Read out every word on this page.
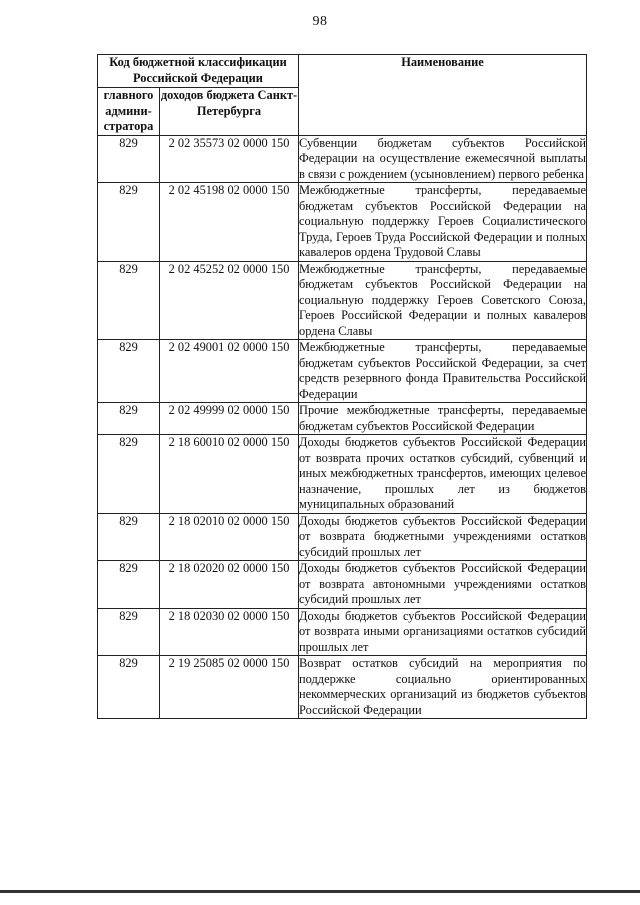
98
Код бюджетной классификации Российской Федерации		Наименование
главного админи- стратора	доходов бюджета Санкт-Петербурга	
829	2 02 35573 02 0000 150	Субвенции бюджетам субъектов Российской Федерации на осуществление ежемесячной выплаты в связи с рождением (усыновлением) первого ребенка
829	2 02 45198 02 0000 150	Межбюджетные трансферты, передаваемые бюджетам субъектов Российской Федерации на социальную поддержку Героев Социалистического Труда, Героев Труда Российской Федерации и полных кавалеров ордена Трудовой Славы
829	2 02 45252 02 0000 150	Межбюджетные трансферты, передаваемые бюджетам субъектов Российской Федерации на социальную поддержку Героев Советского Союза, Героев Российской Федерации и полных кавалеров ордена Славы
829	2 02 49001 02 0000 150	Межбюджетные трансферты, передаваемые бюджетам субъектов Российской Федерации, за счет средств резервного фонда Правительства Российской Федерации
829	2 02 49999 02 0000 150	Прочие межбюджетные трансферты, передаваемые бюджетам субъектов Российской Федерации
829	2 18 60010 02 0000 150	Доходы бюджетов субъектов Российской Федерации от возврата прочих остатков субсидий, субвенций и иных межбюджетных трансфертов, имеющих целевое назначение, прошлых лет из бюджетов муниципальных образований
829	2 18 02010 02 0000 150	Доходы бюджетов субъектов Российской Федерации от возврата бюджетными учреждениями остатков субсидий прошлых лет
829	2 18 02020 02 0000 150	Доходы бюджетов субъектов Российской Федерации от возврата автономными учреждениями остатков субсидий прошлых лет
829	2 18 02030 02 0000 150	Доходы бюджетов субъектов Российской Федерации от возврата иными организациями остатков субсидий прошлых лет
829	2 19 25085 02 0000 150	Возврат остатков субсидий на мероприятия по поддержке социально ориентированных некоммерческих организаций из бюджетов субъектов Российской Федерации
